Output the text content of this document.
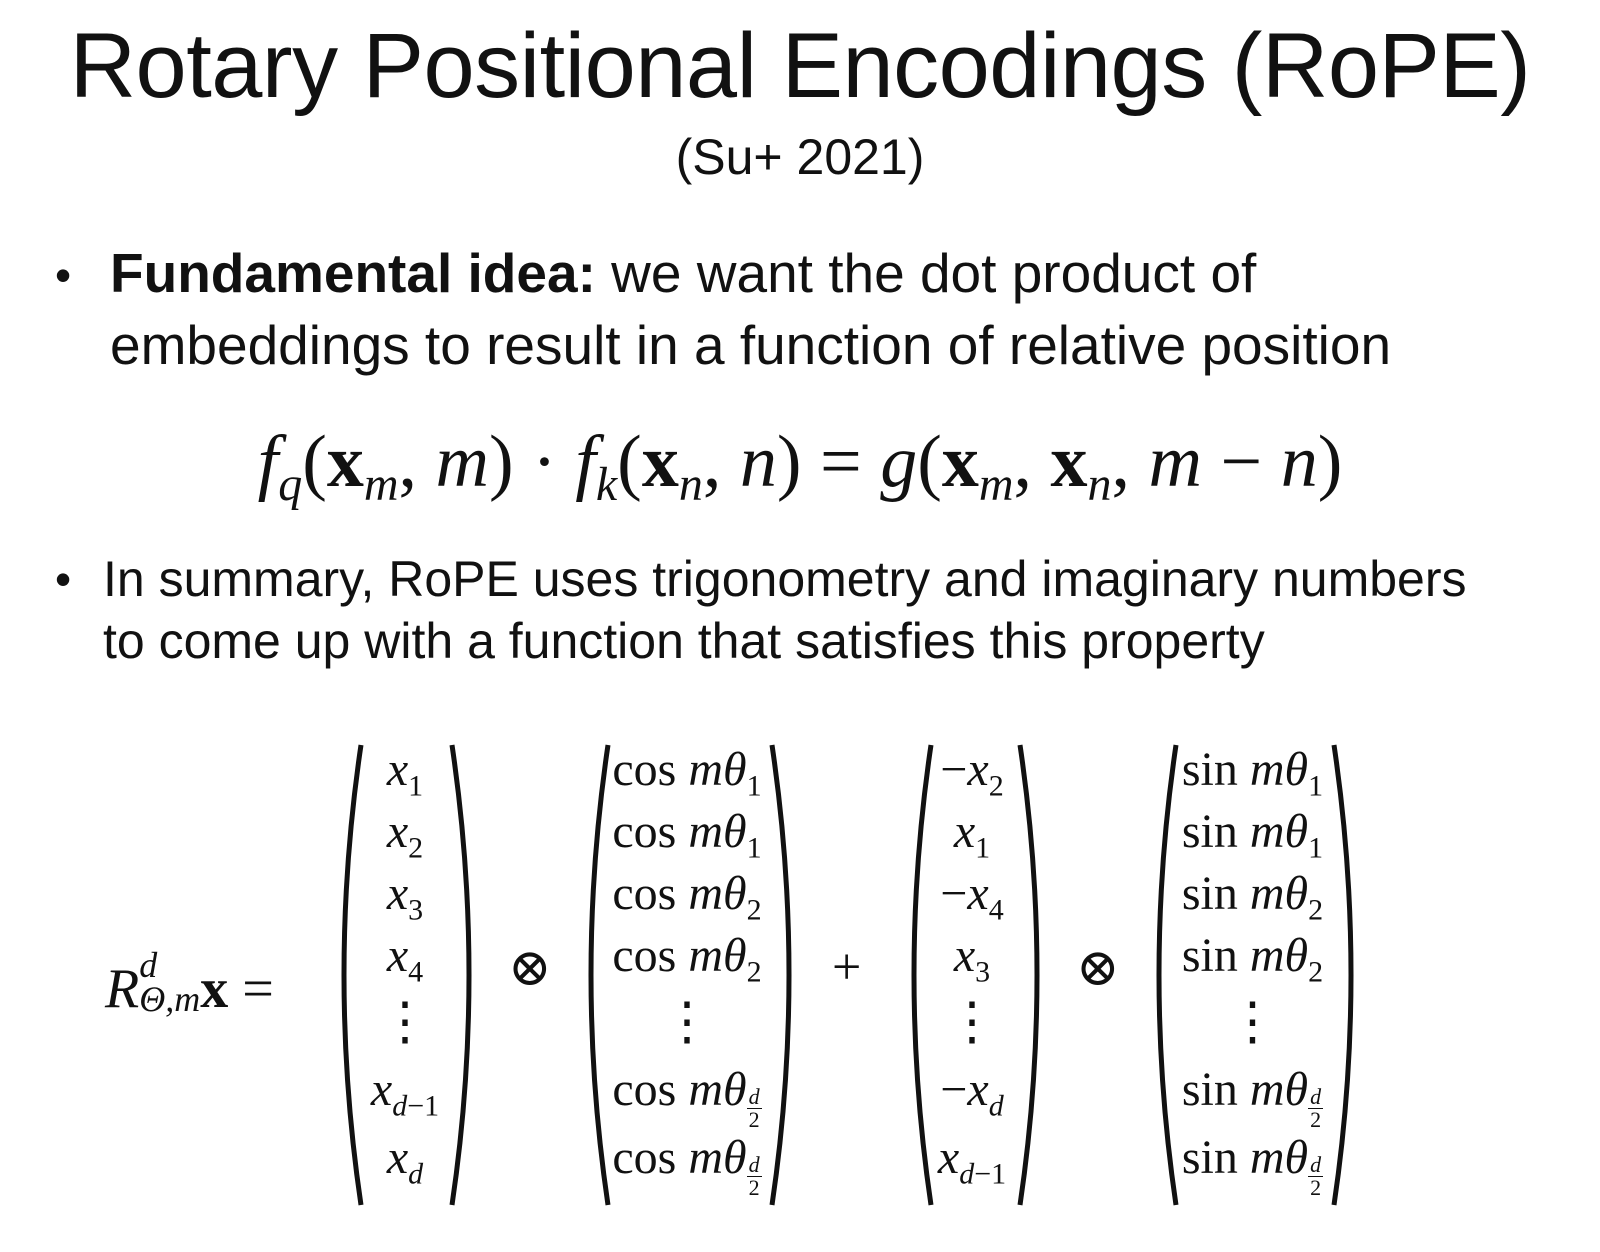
Rotary Positional Encodings (RoPE)
(Su+ 2021)
• Fundamental idea: we want the dot product of
embeddings to result in a function of relative position
$f_q(x_m$, $m) \cdot f_k(x_n$, $n) = g(x_m$, $x_n$, m − n)
• In summary, RoPE uses trigonometry and imaginary numbers
to come up with a function that satisfies this property
R d
Θ,m x =
$x_1$
$x_2$
$x_3$
$x_4$
⋮
$x_{d-1}$
$x_d$
⊗
$\cos m\theta_1$
$\cos m\theta_1$
$\cos m\theta_2$
$\cos m\theta_2$
⋮
cos mθ $\frac{d}{2}$
cos mθ $\frac{d}{2}$
+
$-x_2$
$x_1$
$-x_4$
$x_3$
⋮
$-x_d$
$x_{d-1}$
⊗
$\sin m\theta_1$
$\sin m\theta_1$
$\sin m\theta_2$
$\sin m\theta_2$
⋮
sin mθ $\frac{d}{2}$
sin mθ $\frac{d}{2}$
